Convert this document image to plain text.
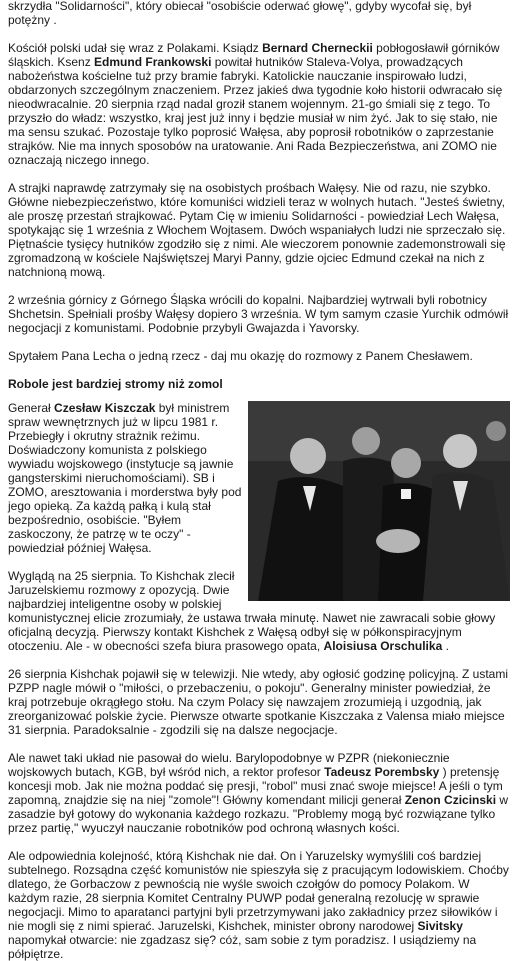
skrzydła "Solidarności", który obiecał "osobiście oderwać głowę", gdyby wycofał się, był potężny .

Kościół polski udał się wraz z Polakami. Ksiądz Bernard Cherneckii pobłogosławił górników śląskich. Ksenz Edmund Frankowski powitał hutników Staleva-Volya, prowadzących nabożeństwa kościelne tuż przy bramie fabryki. Katolickie nauczanie inspirowało ludzi, obdarzonych szczególnym znaczeniem. Przez jakieś dwa tygodnie koło historii odwracało się nieodwracalnie. 20 sierpnia rząd nadal groził stanem wojennym. 21-go śmiali się z tego. To przyszło do władz: wszystko, kraj jest już inny i będzie musiał w nim żyć. Jak to się stało, nie ma sensu szukać. Pozostaje tylko poprosić Wałęsa, aby poprosił robotników o zaprzestanie strajków. Nie ma innych sposobów na uratowanie. Ani Rada Bezpieczeństwa, ani ZOMO nie oznaczają niczego innego.

A strajki naprawdę zatrzymały się na osobistych prośbach Wałęsy. Nie od razu, nie szybko. Główne niebezpieczeństwo, które komuniści widzieli teraz w wolnych hutach. "Jesteś świetny, ale proszę przestań strajkować. Pytam Cię w imieniu Solidarności - powiedział Lech Wałęsa, spotykając się 1 września z Włochem Wojtasem. Dwóch wspaniałych ludzi nie sprzeczało się. Piętnaście tysięcy hutników zgodziło się z nimi. Ale wieczorem ponownie zademonstrowali się zgromadzoną w kościele Najświętszej Maryi Panny, gdzie ojciec Edmund czekał na nich z natchnioną mową.

2 września górnicy z Górnego Śląska wrócili do kopalni. Najbardziej wytrwali byli robotnicy Shchetsin. Spełniali prośby Wałęsy dopiero 3 września. W tym samym czasie Yurchik odmówił negocjacji z komunistami. Podobnie przybyli Gwajazda i Yavorsky.

Spytałem Pana Lecha o jedną rzecz - daj mu okazję do rozmowy z Panem Chesławem.

Robole jest bardziej stromy niż zomol

Generał Czesław Kiszczak był ministrem spraw wewnętrznych już w lipcu 1981 r. Przebiegły i okrutny strażnik reżimu. Doświadczony komunista z polskiego wywiadu wojskowego (instytucje są jawnie gangsterskimi nieruchomościami). SB i ZOMO, aresztowania i morderstwa były pod jego opieką. Za każdą pałką i kulą stał bezpośrednio, osobiście. "Byłem zaskoczony, że patrzę w te oczy" - powiedział później Wałęsa.

Wyglądą na 25 sierpnia. To Kishchak zlecił Jaruzelskiemu rozmowy z opozycją. Dwie najbardziej inteligentne osoby w polskiej komunistycznej elicie zrozumiały, że ustawa trwała minutę. Nawet nie zawracali sobie głowy oficjalną decyzją. Pierwszy kontakt Kishchek z Wałęsą odbył się w półkonspiracyjnym otoczeniu. Ale - w obecności szefa biura prasowego opata, Aloisiusa Orschulika .

26 sierpnia Kishchak pojawił się w telewizji. Nie wtedy, aby ogłosić godzinę policyjną. Z ustami PZPP nagle mówił o "miłości, o przebaczeniu, o pokoju". Generalny minister powiedział, że kraj potrzebuje okrągłego stołu. Na czym Polacy się nawzajem zrozumieją i uzgodnią, jak zreorganizować polskie życie. Pierwsze otwarte spotkanie Kiszczaka z Valensa miało miejsce 31 sierpnia. Paradoksalnie - zgodzili się na dalsze negocjacje.

Ale nawet taki układ nie pasował do wielu. Barylopodobnye w PZPR (niekoniecznie wojskowych butach, KGB, był wśród nich, a rektor profesor Tadeusz Porembsky ) pretensję koncesji mob. Jak nie można poddać się presji, "robol" musi znać swoje miejsce! A jeśli o tym zapomną, znajdzie się na niej "zomole"! Główny komendant milicji generał Zenon Czicinski w zasadzie był gotowy do wykonania każdego rozkazu. "Problemy mogą być rozwiązane tylko przez partię," wyuczył nauczanie robotników pod ochroną własnych kości.

Ale odpowiednia kolejność, którą Kishchak nie dał. On i Yaruzelsky wymyślili coś bardziej subtelnego. Rozsądna część komunistów nie spieszyła się z pracującym lodowiskiem. Choćby dlatego, że Gorbaczow z pewnością nie wyśle swoich czołgów do pomocy Polakom. W każdym razie, 28 sierpnia Komitet Centralny PUWP podał generalną rezolucję w sprawie negocjacji. Mimo to aparatanci partyjni byli przetrzymywani jako zakładnicy przez siłowików i nie mogli się z nimi spierać. Jaruzelski, Kishchek, minister obrony narodowej Sivitsky napomykał otwarcie: nie zgadzasz się? cóż, sam sobie z tym poradzisz. I usiądziemy na półpiętrze.
